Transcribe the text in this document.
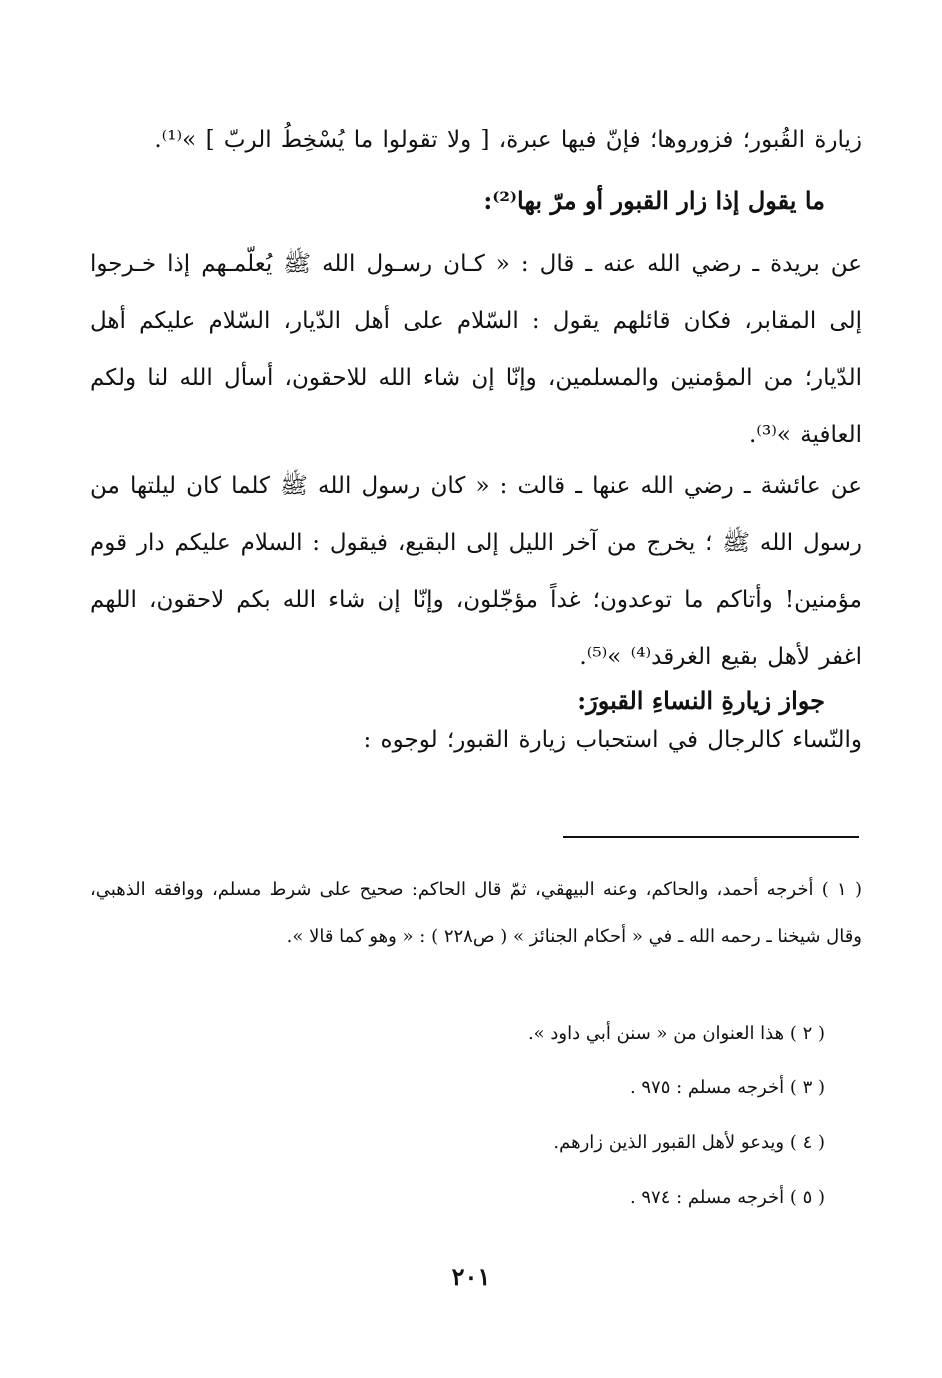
زيارة القُبور؛ فزوروها؛ فإنّ فيها عبرة، [ ولا تقولوا ما يُسْخِطُ الربّ ] »⁽¹⁾.
ما يقول إذا زار القبور أو مرّ بها⁽²⁾:
عن بريدة ـ رضي الله عنه ـ قال : « كـان رسـول الله ﷺ يُعلّمـهم إذا خـرجوا إلى المقابر، فكان قائلهم يقول : السّلام على أهل الدّيار، السّلام عليكم أهل الدّيار؛ من المؤمنين والمسلمين، وإنّا إن شاء الله للاحقون، أسأل الله لنا ولكم العافية »⁽³⁾.
عن عائشة ـ رضي الله عنها ـ قالت : « كان رسول الله ﷺ كلما كان ليلتها من رسول الله ﷺ ؛ يخرج من آخر الليل إلى البقيع، فيقول : السلام عليكم دار قوم مؤمنين! وأتاكم ما توعدون؛ غداً مؤجّلون، وإنّا إن شاء الله بكم لاحقون، اللهم اغفر لأهل بقيع الغرقد⁽⁴⁾ »⁽⁵⁾.
جواز زيارةِ النساءِ القبورَ:
والنّساء كالرجال في استحباب زيارة القبور؛ لوجوه :
( ١ ) أخرجه أحمد، والحاكم، وعنه البيهقي، ثمّ قال الحاكم: صحيح على شرط مسلم، ووافقه الذهبي، وقال شيخنا ـ رحمه الله ـ في « أحكام الجنائز » ( ص٢٢٨ ) : « وهو كما قالا ».
( ٢ ) هذا العنوان من « سنن أبي داود ».
( ٣ ) أخرجه مسلم : ٩٧٥ .
( ٤ ) ويدعو لأهل القبور الذين زارهم.
( ٥ ) أخرجه مسلم : ٩٧٤ .
٢٠١
